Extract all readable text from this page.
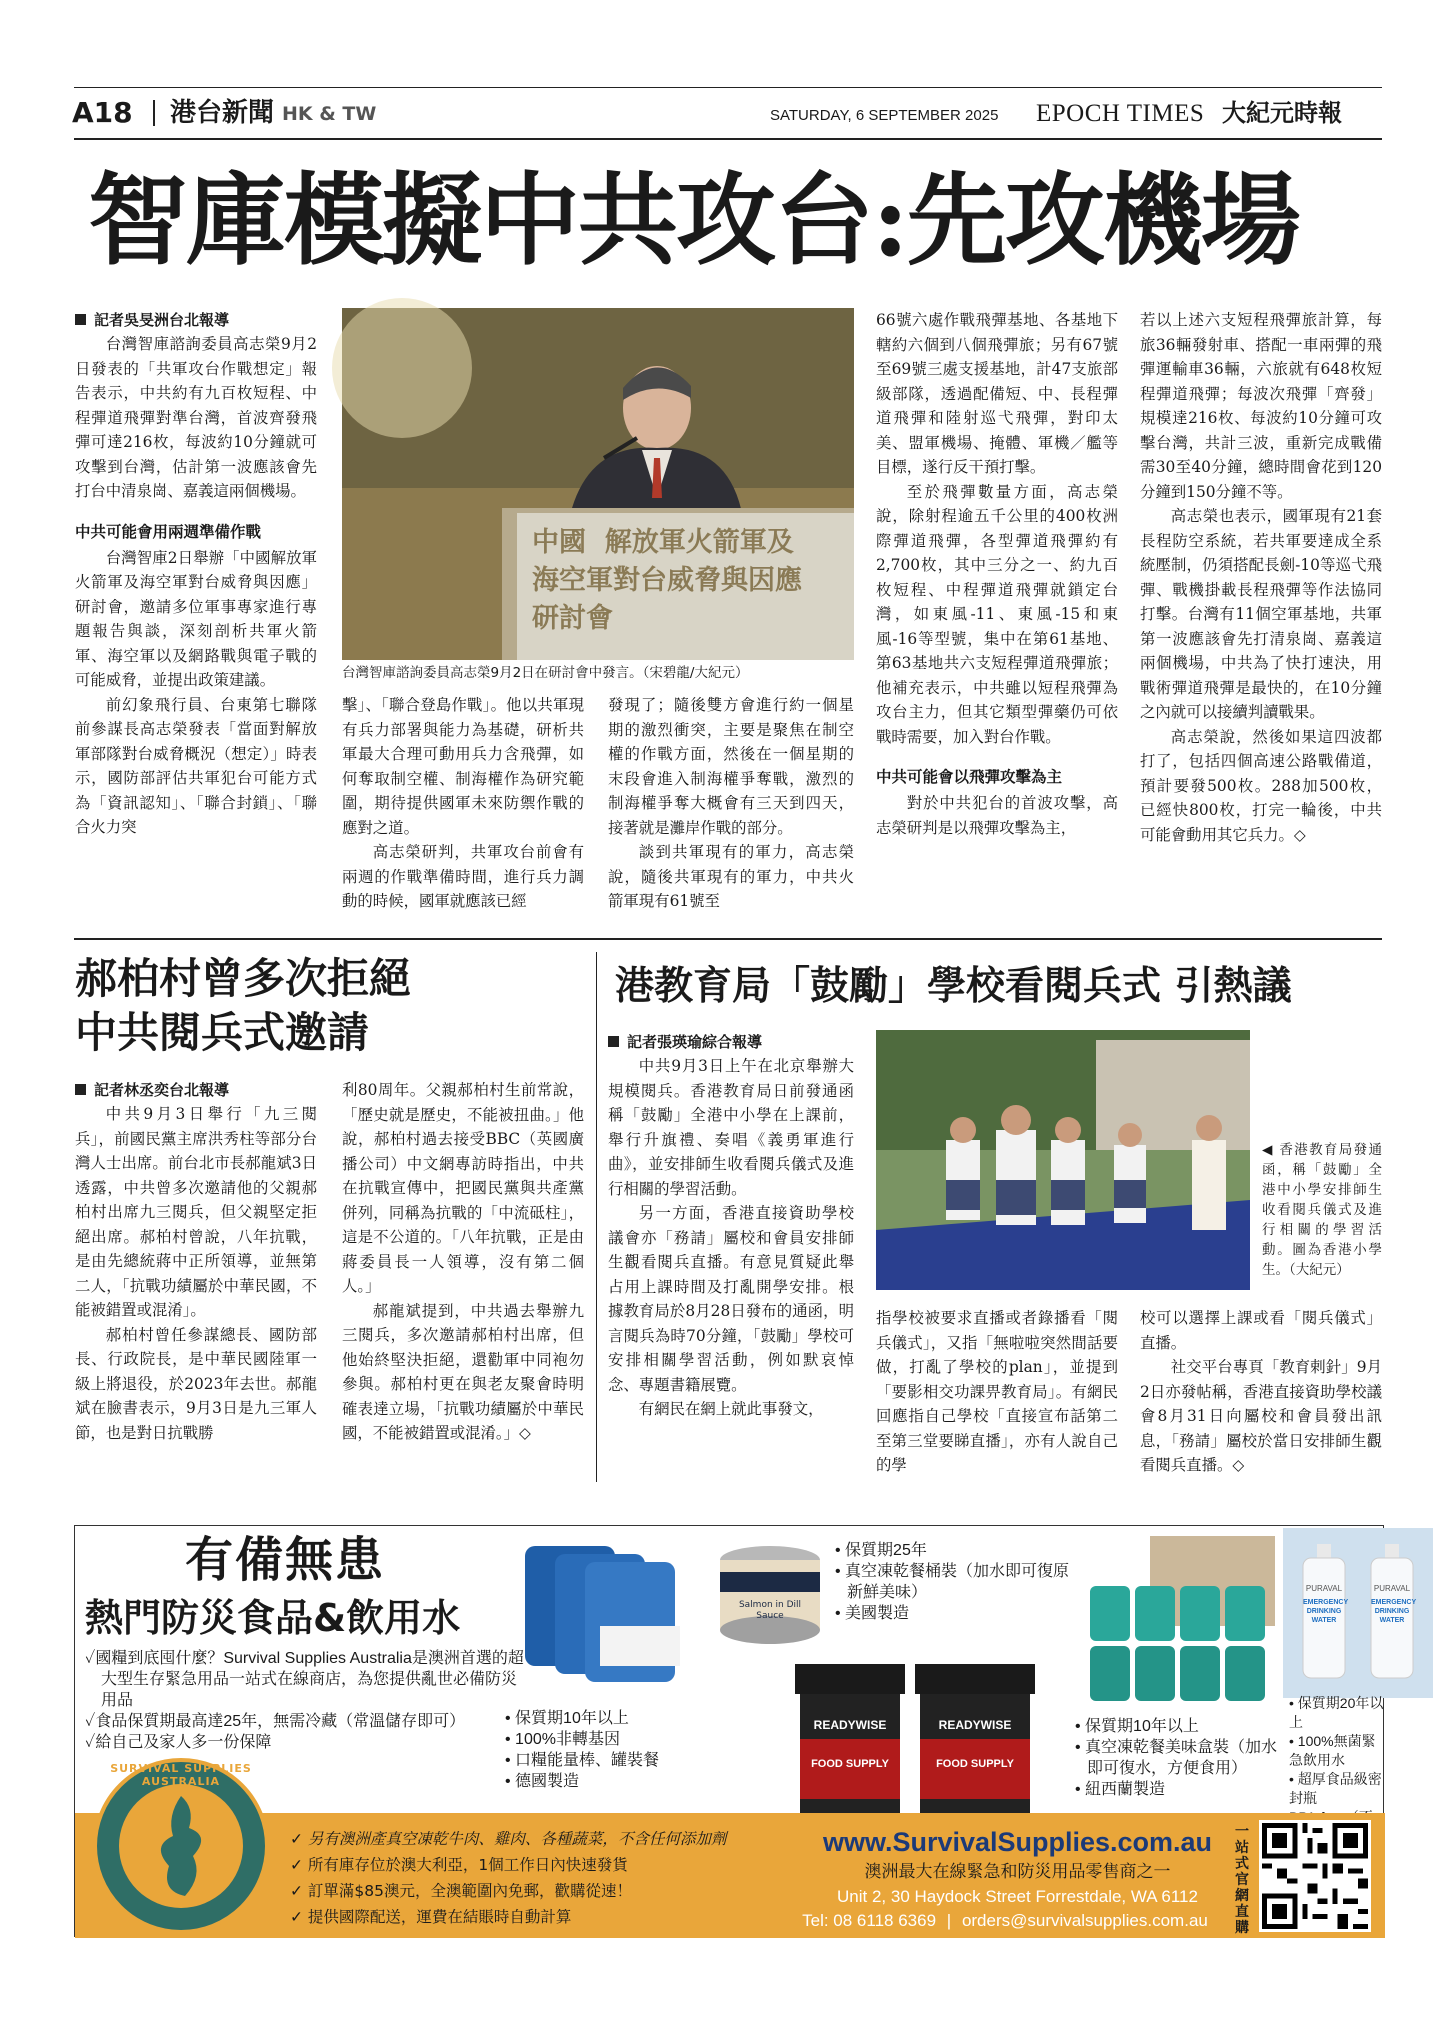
A18 港台新聞 HK & TW	SATURDAY, 6 SEPTEMBER 2025 EPOCH TIMES 大紀元時報
智庫模擬中共攻台:先攻機場
記者吳旻洲台北報導

台灣智庫諮詢委員高志榮9月2日發表的「共軍攻台作戰想定」報告表示，中共約有九百枚短程、中程彈道飛彈對準台灣，首波齊發飛彈可達216枚，每波約10分鐘就可攻擊到台灣，估計第一波應該會先打台中清泉崗、嘉義這兩個機場。

中共可能會用兩週準備作戰

台灣智庫2日舉辦「中國解放軍火箭軍及海空軍對台威脅與因應」研討會，邀請多位軍事專家進行專題報告與談，深刻剖析共軍火箭軍、海空軍以及網路戰與電子戰的可能威脅，並提出政策建議。

前幻象飛行員、台東第七聯隊前參謀長高志榮發表「當面對解放軍部隊對台威脅概況（想定）」時表示，國防部評估共軍犯台可能方式為「資訊認知」、「聯合封鎖」、「聯合火力突

中國  解放軍火箭軍及
海空軍對台威脅與因應
研討會
台灣智庫諮詢委員高志榮9月2日在研討會中發言。（宋碧龍/大紀元）

擊」、「聯合登島作戰」。他以共軍現有兵力部署與能力為基礎，研析共軍最大合理可動用兵力含飛彈，如何奪取制空權、制海權作為研究範圍，期待提供國軍未來防禦作戰的應對之道。

高志榮研判，共軍攻台前會有兩週的作戰準備時間，進行兵力調動的時候，國軍就應該已經

發現了；隨後雙方會進行約一個星期的激烈衝突，主要是聚焦在制空權的作戰方面，然後在一個星期的末段會進入制海權爭奪戰，激烈的制海權爭奪大概會有三天到四天，接著就是灘岸作戰的部分。

談到共軍現有的軍力，高志榮說，隨後共軍現有的軍力，中共火箭軍現有61號至

66號六處作戰飛彈基地、各基地下轄約六個到八個飛彈旅；另有67號至69號三處支援基地，計47支旅部級部隊，透過配備短、中、長程彈道飛彈和陸射巡弋飛彈，對印太美、盟軍機場、掩體、軍機／艦等目標，遂行反干預打擊。

至於飛彈數量方面，高志榮說，除射程逾五千公里的400枚洲際彈道飛彈，各型彈道飛彈約有2,700枚，其中三分之一、約九百枚短程、中程彈道飛彈就鎖定台灣，如東風-11、東風-15和東風-16等型號，集中在第61基地、第63基地共六支短程彈道飛彈旅；他補充表示，中共雖以短程飛彈為攻台主力，但其它類型彈藥仍可依戰時需要，加入對台作戰。

中共可能會以飛彈攻擊為主

對於中共犯台的首波攻擊，高志榮研判是以飛彈攻擊為主，

若以上述六支短程飛彈旅計算，每旅36輛發射車、搭配一車兩彈的飛彈運輸車36輛，六旅就有648枚短程彈道飛彈；每波次飛彈「齊發」規模達216枚、每波約10分鐘可攻擊台灣，共計三波，重新完成戰備需30至40分鐘，總時間會花到120分鐘到150分鐘不等。

高志榮也表示，國軍現有21套長程防空系統，若共軍要達成全系統壓制，仍須搭配長劍-10等巡弋飛彈、戰機掛載長程飛彈等作法協同打擊。台灣有11個空軍基地，共軍第一波應該會先打清泉崗、嘉義這兩個機場，中共為了快打速決，用戰術彈道飛彈是最快的，在10分鐘之內就可以接續判讀戰果。

高志榮說，然後如果這四波都打了，包括四個高速公路戰備道，預計要發500枚。288加500枚，已經快800枚，打完一輪後，中共可能會動用其它兵力。◇

郝柏村曾多次拒絕
中共閱兵式邀請
記者林丞奕台北報導

中共9月3日舉行「九三閱兵」，前國民黨主席洪秀柱等部分台灣人士出席。前台北市長郝龍斌3日透露，中共曾多次邀請他的父親郝柏村出席九三閱兵，但父親堅定拒絕出席。郝柏村曾說，八年抗戰，是由先總統蔣中正所領導，並無第二人，「抗戰功績屬於中華民國，不能被錯置或混淆」。

郝柏村曾任參謀總長、國防部長、行政院長，是中華民國陸軍一級上將退役，於2023年去世。郝龍斌在臉書表示，9月3日是九三軍人節，也是對日抗戰勝

利80周年。父親郝柏村生前常說，「歷史就是歷史，不能被扭曲。」他說，郝柏村過去接受BBC（英國廣播公司）中文網專訪時指出，中共在抗戰宣傳中，把國民黨與共產黨併列，同稱為抗戰的「中流砥柱」，這是不公道的。「八年抗戰，正是由蔣委員長一人領導，沒有第二個人。」

郝龍斌提到，中共過去舉辦九三閱兵，多次邀請郝柏村出席，但他始終堅決拒絕，還勸軍中同袍勿參與。郝柏村更在與老友聚會時明確表達立場，「抗戰功績屬於中華民國，不能被錯置或混淆。」◇

港教育局「鼓勵」學校看閱兵式 引熱議
記者張瑛瑜綜合報導

中共9月3日上午在北京舉辦大規模閱兵。香港教育局日前發通函稱「鼓勵」全港中小學在上課前，舉行升旗禮、奏唱《義勇軍進行曲》，並安排師生收看閱兵儀式及進行相關的學習活動。

另一方面，香港直接資助學校議會亦「務請」屬校和會員安排師生觀看閱兵直播。有意見質疑此舉占用上課時間及打亂開學安排。根據教育局於8月28日發布的通函，明言閱兵為時70分鐘，「鼓勵」學校可安排相關學習活動，例如默哀悼念、專題書籍展覽。

有網民在網上就此事發文，

◀ 香港教育局發通函，稱「鼓勵」全港中小學安排師生收看閱兵儀式及進行相關的學習活動。圖為香港小學生。（大紀元）

指學校被要求直播或者錄播看「閱兵儀式」，又指「無啦啦突然間話要做，打亂了學校的plan」，並提到「要影相交功課畀教育局」。有網民回應指自己學校「直接宣布話第二至第三堂要睇直播」，亦有人說自己的學

校可以選擇上課或看「閱兵儀式」直播。

社交平台專頁「教育剌針」9月2日亦發帖稱，香港直接資助學校議會8月31日向屬校和會員發出訊息，「務請」屬校於當日安排師生觀看閱兵直播。◇

有備無患
熱門防災食品&飲用水
✓國糧到底囤什麼？Survival Supplies Australia是澳洲首選的超大型生存緊急用品一站式在線商店，為您提供亂世必備防災用品
✓食品保質期最高達25年，無需冷藏（常溫儲存即可）
✓給自己及家人多一份保障
Salmon in Dill Sauce
• 保質期25年
• 真空凍乾餐桶裝（加水即可復原新鮮美味）
• 美國製造
READYWISE
FOOD SUPPLY
READYWISE
FOOD SUPPLY
• 保質期10年以上
• 100%非轉基因
• 口糧能量棒、罐裝餐
• 德國製造
• 保質期10年以上
• 真空凍乾餐美味盒裝（加水即可復水，方便食用）
• 紐西蘭製造
PURAVAL
EMERGENCY DRINKING WATER
PURAVAL
EMERGENCY DRINKING WATER
• 保質期20年以上
• 100%無菌緊急飲用水
• 超厚食品級密封瓶
SURVIVAL SUPPLIES AUSTRALIA
✓ 另有澳洲產真空凍乾牛肉、雞肉、各種蔬菜，不含任何添加劑
✓ 所有庫存位於澳大利亞，1個工作日內快速發貨
✓ 訂單滿$85澳元，全澳範圍內免郵，歡購從速！
✓ 提供國際配送，運費在結賬時自動計算
www.SurvivalSupplies.com.au
澳洲最大在線緊急和防災用品零售商之一
Unit 2, 30 Haydock Street Forrestdale, WA 6112
Tel: 08 6118 6369 | orders@survivalsupplies.com.au
一站式官網直購
